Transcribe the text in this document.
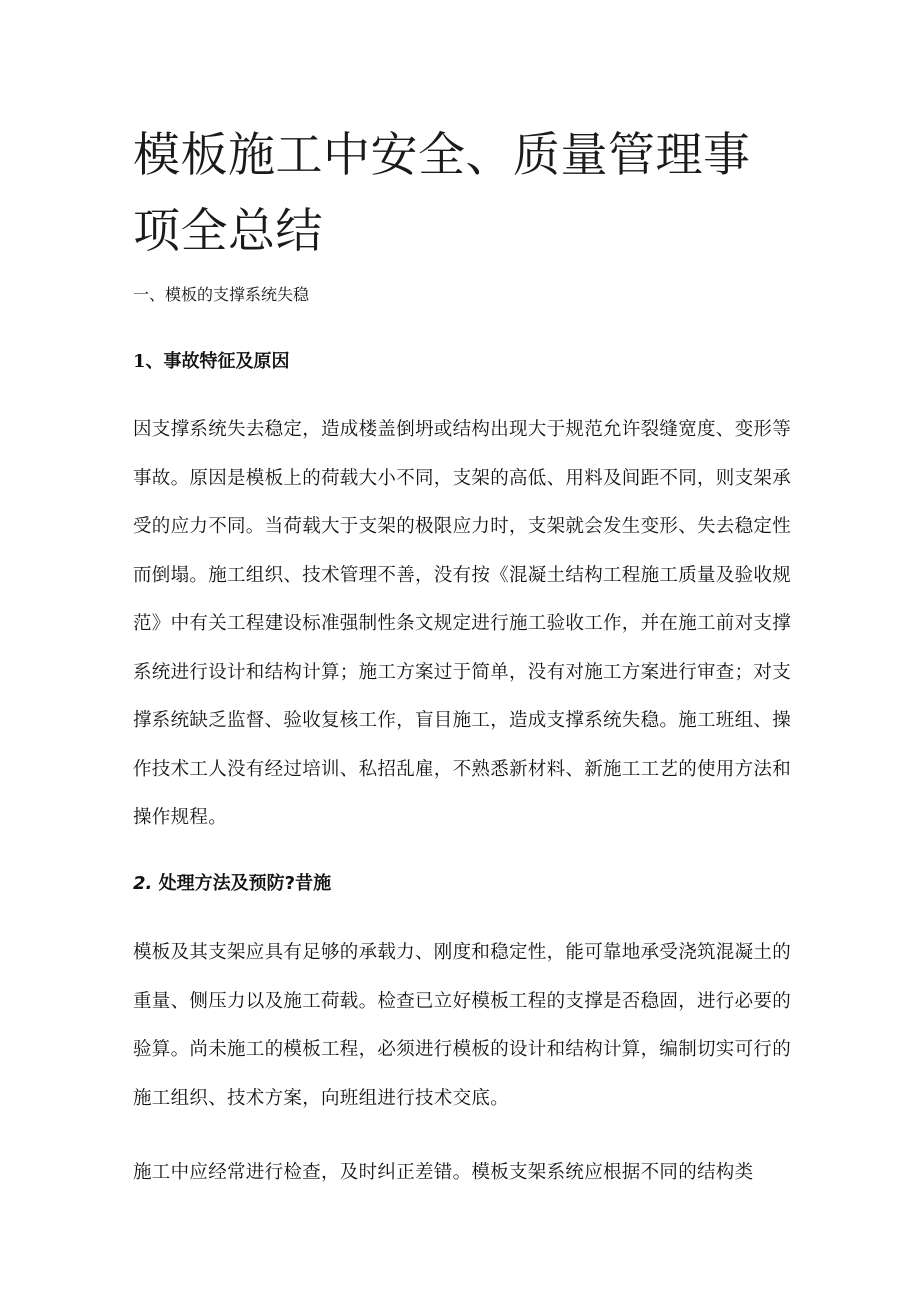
模板施工中安全、质量管理事项全总结
一、模板的支撑系统失稳
1、事故特征及原因

因支撑系统失去稳定，造成楼盖倒坍或结构出现大于规范允许裂缝宽度、变形等事故。原因是模板上的荷载大小不同，支架的高低、用料及间距不同，则支架承受的应力不同。当荷载大于支架的极限应力时，支架就会发生变形、失去稳定性而倒塌。施工组织、技术管理不善，没有按《混凝土结构工程施工质量及验收规范》中有关工程建设标准强制性条文规定进行施工验收工作，并在施工前对支撑系统进行设计和结构计算；施工方案过于简单，没有对施工方案进行审查；对支撑系统缺乏监督、验收复核工作，盲目施工，造成支撑系统失稳。施工班组、操作技术工人没有经过培训、私招乱雇，不熟悉新材料、新施工工艺的使用方法和操作规程。

2. 处理方法及预防?昔施

模板及其支架应具有足够的承载力、刚度和稳定性，能可靠地承受浇筑混凝土的重量、侧压力以及施工荷载。检查已立好模板工程的支撑是否稳固，进行必要的验算。尚未施工的模板工程，必须进行模板的设计和结构计算，编制切实可行的施工组织、技术方案，向班组进行技术交底。

施工中应经常进行检查，及时纠正差错。模板支架系统应根据不同的结构类
